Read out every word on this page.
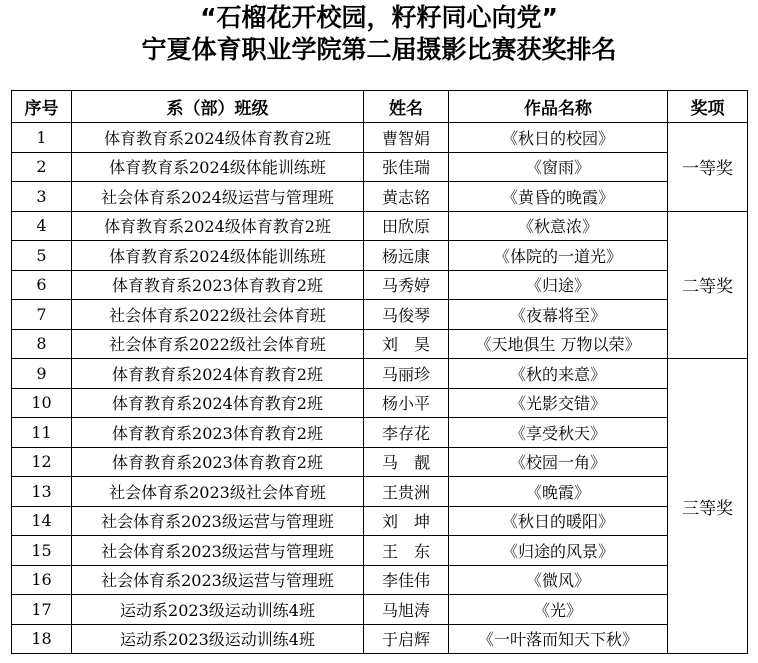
“石榴花开校园，籽籽同心向党”
宁夏体育职业学院第二届摄影比赛获奖排名
序号	系（部）班级	姓名	作品名称	奖项
1	体育教育系2024级体育教育2班	曹智娟	《秋日的校园》	一等奖
2	体育教育系2024级体能训练班	张佳瑞	《窗雨》	
3	社会体育系2024级运营与管理班	黄志铭	《黄昏的晚霞》	
4	体育教育系2024级体育教育2班	田欣原	《秋意浓》	二等奖
5	体育教育系2024级体能训练班	杨远康	《体院的一道光》	
6	体育教育系2023体育教育2班	马秀婷	《归途》	
7	社会体育系2022级社会体育班	马俊琴	《夜幕将至》	
8	社会体育系2022级社会体育班	刘　昊	《天地俱生 万物以荣》	
9	体育教育系2024体育教育2班	马丽珍	《秋的来意》	三等奖
10	体育教育系2024体育教育2班	杨小平	《光影交错》	
11	体育教育系2023体育教育2班	李存花	《享受秋天》	
12	体育教育系2023体育教育2班	马　靓	《校园一角》	
13	社会体育系2023级社会体育班	王贵洲	《晚霞》	
14	社会体育系2023级运营与管理班	刘　坤	《秋日的暖阳》	
15	社会体育系2023级运营与管理班	王　东	《归途的风景》	
16	社会体育系2023级运营与管理班	李佳伟	《微风》	
17	运动系2023级运动训练4班	马旭涛	《光》	
18	运动系2023级运动训练4班	于启辉	《一叶落而知天下秋》	
